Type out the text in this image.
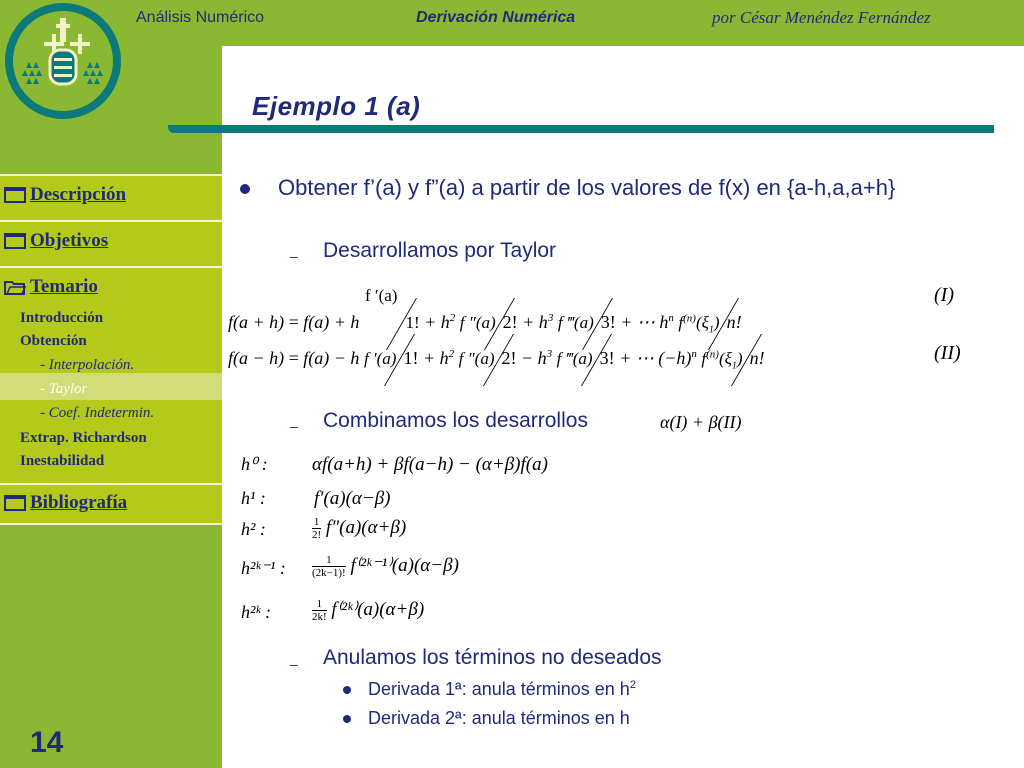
Análisis Numérico	Derivación Numérica	por César Menéndez Fernández
Ejemplo 1 (a)
Descripción
Objetivos
Temario
Introducción
Obtención
- Interpolación.
- Taylor
- Coef. Indetermin.
Extrap. Richardson
Inestabilidad
Bibliografía
14
Obtener f’(a) y f”(a) a partir de los valores de f(x) en {a-h,a,a+h}
– Desarrollamos por Taylor
f(a + h) = f(a) + h
f ′(a)

1! + $h^2$ f ″(a) 2! + $h^3$ f ‴(a) 3! + ⋯ $h^n$ $f^{(n)}(\xi_1)$ n!
(I)
f(a − h) = f(a) − h f ′(a) 1! + $h^2$ f ″(a) 2! − $h^3$ f ‴(a) 3! + ⋯ $(-h)^n$ $f^{(n)}(\xi_1)$ n!	(II)
– Combinamos los desarrollos	α(I) + β(II)
h⁰ : αf(a+h) + βf(a−h) − (α+β)f(a)
h¹ :	f′(a)(α−β)
h² :	$\frac{1}{2!} f''(a)(\alpha+\beta)$
h²ᵏ⁻¹ : $\frac{1}{(2k-1)!}$ f⁽²ᵏ⁻¹⁾(a)(α−β)
h²ᵏ :	$\frac{1}{2k!}$ f⁽²ᵏ⁾(a)(α+β)
– Anulamos los términos no deseados
Derivada 1ª: anula términos en $h^2$
Derivada 2ª: anula términos en h
